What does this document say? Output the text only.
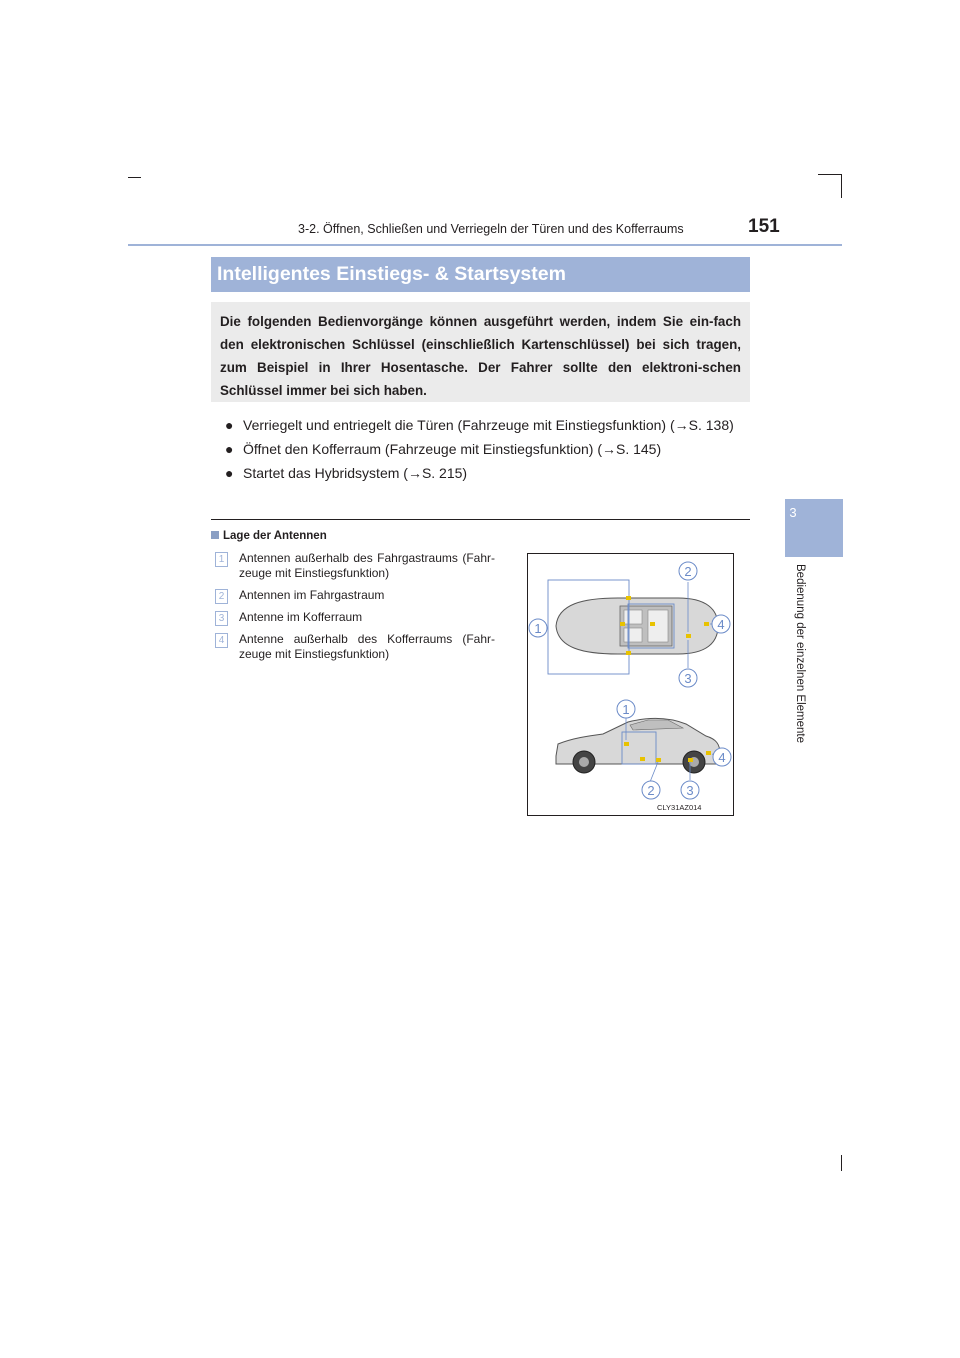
3-2. Öffnen, Schließen und Verriegeln der Türen und des Kofferraums	151
3
Bedienung der einzelnen Elemente
Intelligentes Einstiegs- & Startsystem
Die folgenden Bedienvorgänge können ausgeführt werden, indem Sie ein-fach den elektronischen Schlüssel (einschließlich Kartenschlüssel) bei sich tragen, zum Beispiel in Ihrer Hosentasche. Der Fahrer sollte den elektroni-schen Schlüssel immer bei sich haben.
● Verriegelt und entriegelt die Türen (Fahrzeuge mit Einstiegsfunktion) (→S. 138)
● Öffnet den Kofferraum (Fahrzeuge mit Einstiegsfunktion) (→S. 145)
● Startet das Hybridsystem (→S. 215)
Lage der Antennen
1	Antennen außerhalb des Fahrgastraums (Fahr-zeuge mit Einstiegsfunktion)
2	Antennen im Fahrgastraum
3	Antenne im Kofferraum
4	Antenne außerhalb des Kofferraums (Fahr-zeuge mit Einstiegsfunktion)
1
2
3
4
1
2 3
4
CLY31AZ014
